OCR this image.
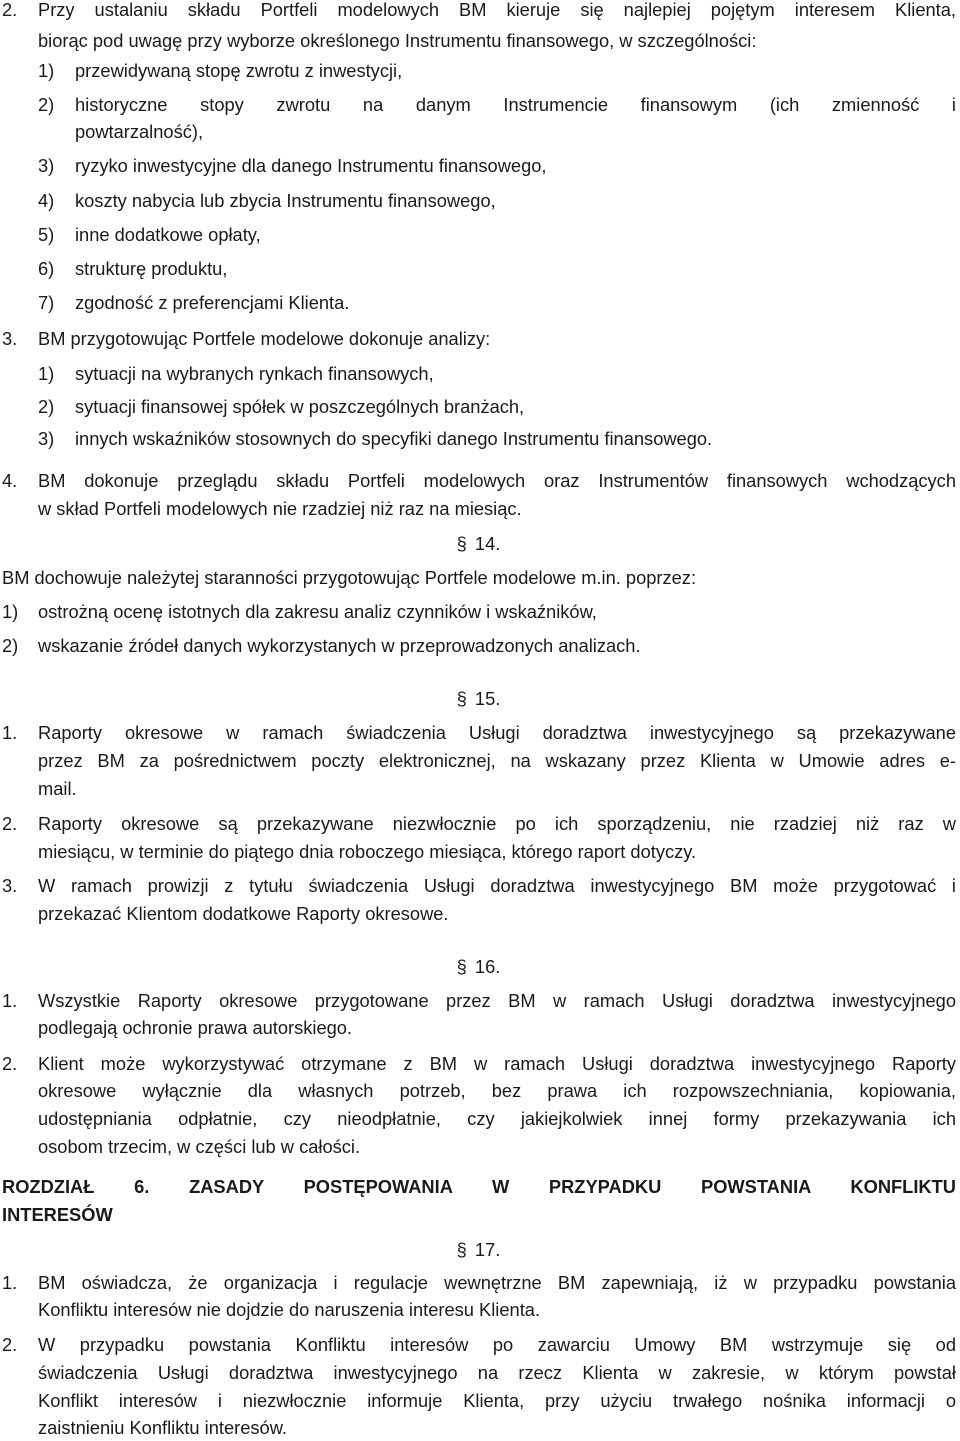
2. Przy ustalaniu składu Portfeli modelowych BM kieruje się najlepiej pojętym interesem Klienta,
biorąc pod uwagę przy wyborze określonego Instrumentu finansowego, w szczególności:
1) przewidywaną stopę zwrotu z inwestycji,
2) historyczne stopy zwrotu na danym Instrumencie finansowym (ich zmienność i
powtarzalność),
3) ryzyko inwestycyjne dla danego Instrumentu finansowego,
4) koszty nabycia lub zbycia Instrumentu finansowego,
5) inne dodatkowe opłaty,
6) strukturę produktu,
7) zgodność z preferencjami Klienta.
3. BM przygotowując Portfele modelowe dokonuje analizy:
1) sytuacji na wybranych rynkach finansowych,
2) sytuacji finansowej spółek w poszczególnych branżach,
3) innych wskaźników stosownych do specyfiki danego Instrumentu finansowego.
4. BM dokonuje przeglądu składu Portfeli modelowych oraz Instrumentów finansowych wchodzących
w skład Portfeli modelowych nie rzadziej niż raz na miesiąc.
§ 14.
BM dochowuje należytej staranności przygotowując Portfele modelowe m.in. poprzez:
1) ostrożną ocenę istotnych dla zakresu analiz czynników i wskaźników,
2) wskazanie źródeł danych wykorzystanych w przeprowadzonych analizach.
§ 15.
1. Raporty okresowe w ramach świadczenia Usługi doradztwa inwestycyjnego są przekazywane
przez BM za pośrednictwem poczty elektronicznej, na wskazany przez Klienta w Umowie adres e-
mail.
2. Raporty okresowe są przekazywane niezwłocznie po ich sporządzeniu, nie rzadziej niż raz w
miesiącu, w terminie do piątego dnia roboczego miesiąca, którego raport dotyczy.
3. W ramach prowizji z tytułu świadczenia Usługi doradztwa inwestycyjnego BM może przygotować i
przekazać Klientom dodatkowe Raporty okresowe.
§ 16.
1. Wszystkie Raporty okresowe przygotowane przez BM w ramach Usługi doradztwa inwestycyjnego
podlegają ochronie prawa autorskiego.
2. Klient może wykorzystywać otrzymane z BM w ramach Usługi doradztwa inwestycyjnego Raporty
okresowe wyłącznie dla własnych potrzeb, bez prawa ich rozpowszechniania, kopiowania,
udostępniania odpłatnie, czy nieodpłatnie, czy jakiejkolwiek innej formy przekazywania ich
osobom trzecim, w części lub w całości.
ROZDZIAŁ 6. ZASADY POSTĘPOWANIA W PRZYPADKU POWSTANIA KONFLIKTU
INTERESÓW
§ 17.
1. BM oświadcza, że organizacja i regulacje wewnętrzne BM zapewniają, iż w przypadku powstania
Konfliktu interesów nie dojdzie do naruszenia interesu Klienta.
2. W przypadku powstania Konfliktu interesów po zawarciu Umowy BM wstrzymuje się od
świadczenia Usługi doradztwa inwestycyjnego na rzecz Klienta w zakresie, w którym powstał
Konflikt interesów i niezwłocznie informuje Klienta, przy użyciu trwałego nośnika informacji o
zaistnieniu Konfliktu interesów.
